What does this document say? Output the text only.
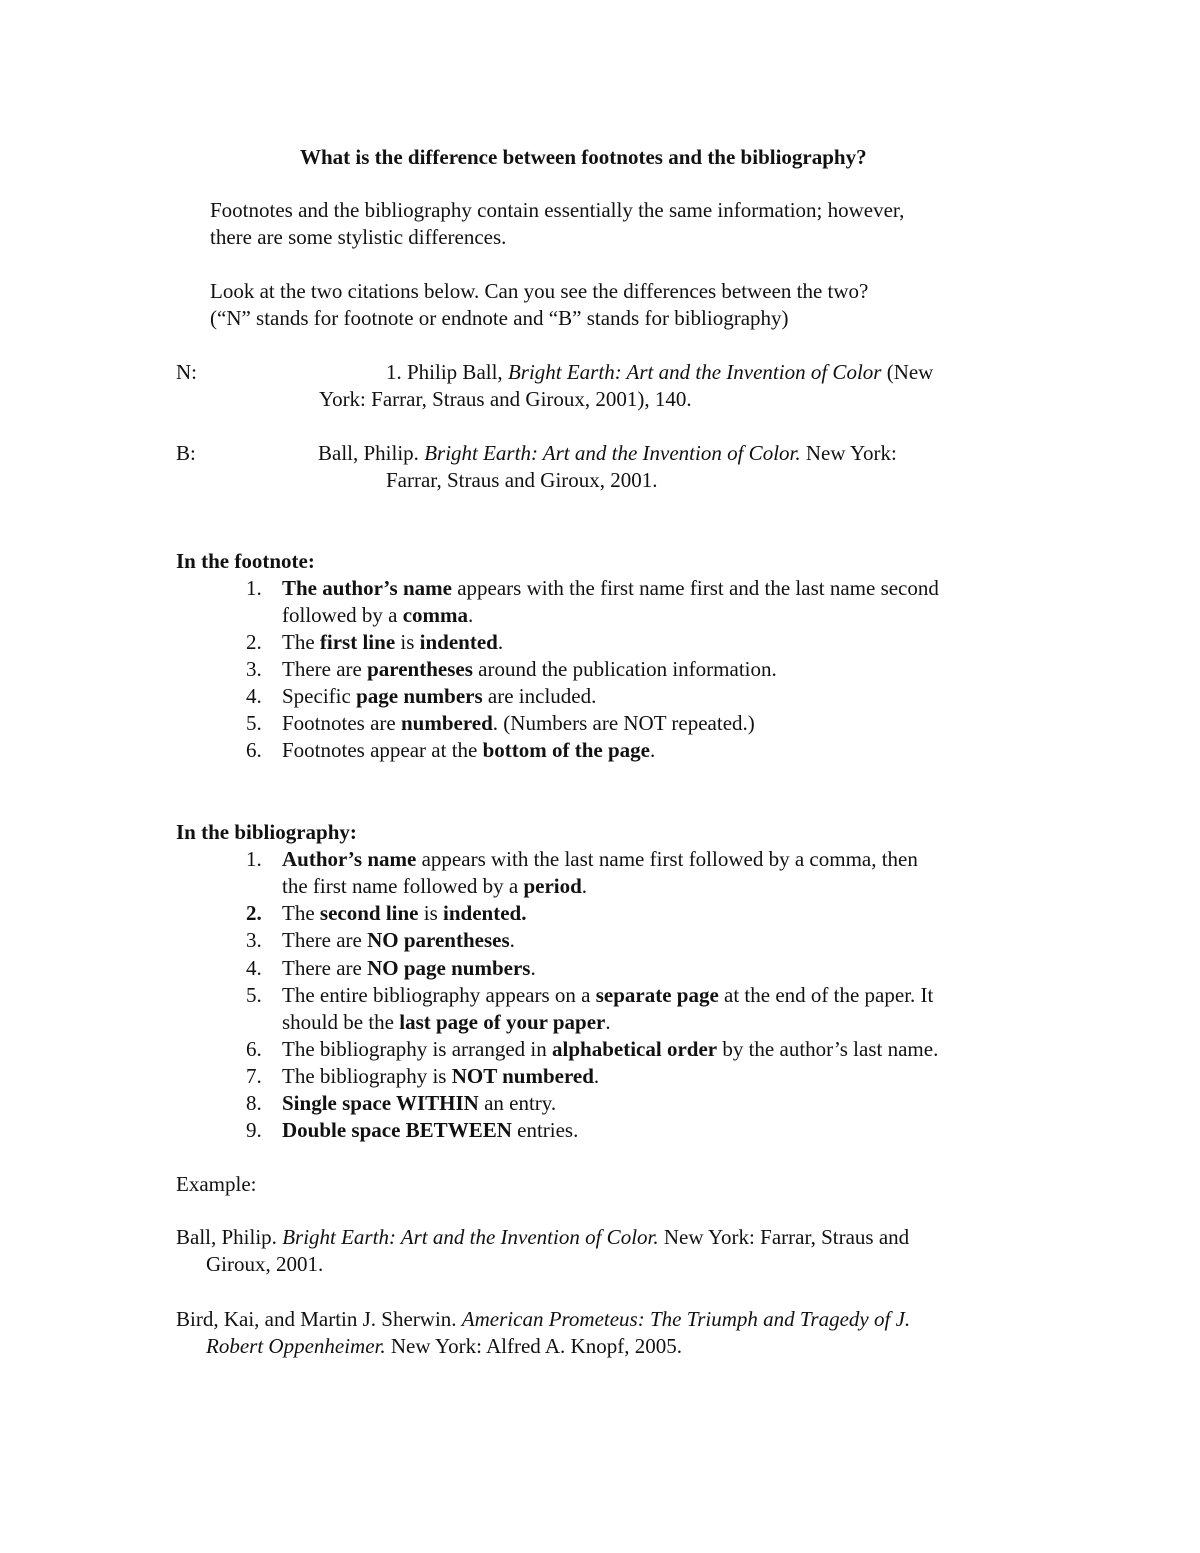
What is the difference between footnotes and the bibliography?
Footnotes and the bibliography contain essentially the same information; however,
there are some stylistic differences.
Look at the two citations below. Can you see the differences between the two?
(“N” stands for footnote or endnote and “B” stands for bibliography)
N:	1. Philip Ball, Bright Earth: Art and the Invention of Color (New
York: Farrar, Straus and Giroux, 2001), 140.
B:	Ball, Philip. Bright Earth: Art and the Invention of Color. New York:
Farrar, Straus and Giroux, 2001.
In the footnote:
1. The author’s name appears with the first name first and the last name second
followed by a comma.
2. The first line is indented.
3. There are parentheses around the publication information.
4. Specific page numbers are included.
5. Footnotes are numbered. (Numbers are NOT repeated.)
6. Footnotes appear at the bottom of the page.
In the bibliography:
1. Author’s name appears with the last name first followed by a comma, then
the first name followed by a period.
2. The second line is indented.
3. There are NO parentheses.
4. There are NO page numbers.
5. The entire bibliography appears on a separate page at the end of the paper. It
should be the last page of your paper.
6. The bibliography is arranged in alphabetical order by the author’s last name.
7. The bibliography is NOT numbered.
8. Single space WITHIN an entry.
9. Double space BETWEEN entries.
Example:
Ball, Philip. Bright Earth: Art and the Invention of Color. New York: Farrar, Straus and
Giroux, 2001.
Bird, Kai, and Martin J. Sherwin. American Prometeus: The Triumph and Tragedy of J.
Robert Oppenheimer. New York: Alfred A. Knopf, 2005.
